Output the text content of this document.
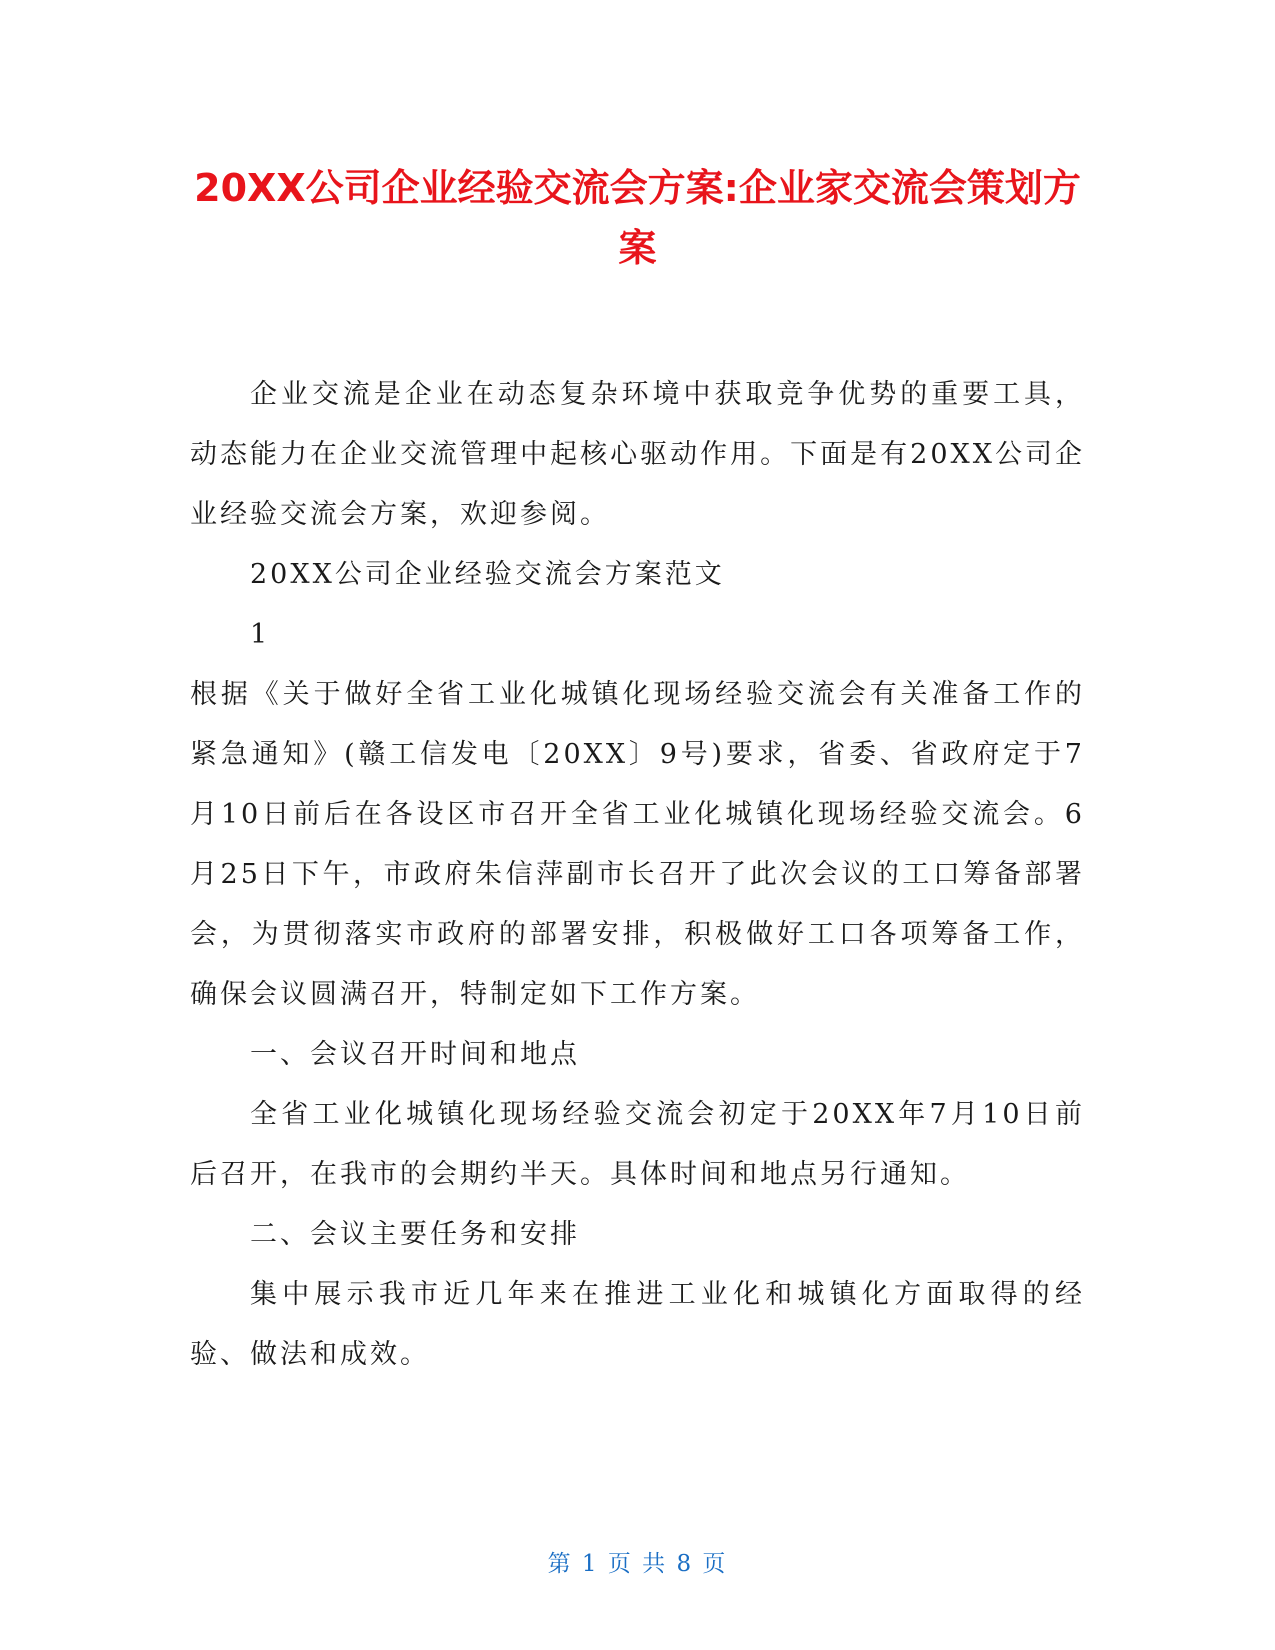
20XX公司企业经验交流会方案:企业家交流会策划方案

企业交流是企业在动态复杂环境中获取竞争优势的重要工具，动态能力在企业交流管理中起核心驱动作用。下面是有20XX公司企业经验交流会方案，欢迎参阅。

20XX公司企业经验交流会方案范文

1

根据《关于做好全省工业化城镇化现场经验交流会有关准备工作的紧急通知》(赣工信发电〔20XX〕9号)要求，省委、省政府定于7月10日前后在各设区市召开全省工业化城镇化现场经验交流会。6月25日下午，市政府朱信萍副市长召开了此次会议的工口筹备部署会，为贯彻落实市政府的部署安排，积极做好工口各项筹备工作，确保会议圆满召开，特制定如下工作方案。

一、会议召开时间和地点

全省工业化城镇化现场经验交流会初定于20XX年7月10日前后召开，在我市的会期约半天。具体时间和地点另行通知。

二、会议主要任务和安排

集中展示我市近几年来在推进工业化和城镇化方面取得的经验、做法和成效。

第 1 页 共 8 页
